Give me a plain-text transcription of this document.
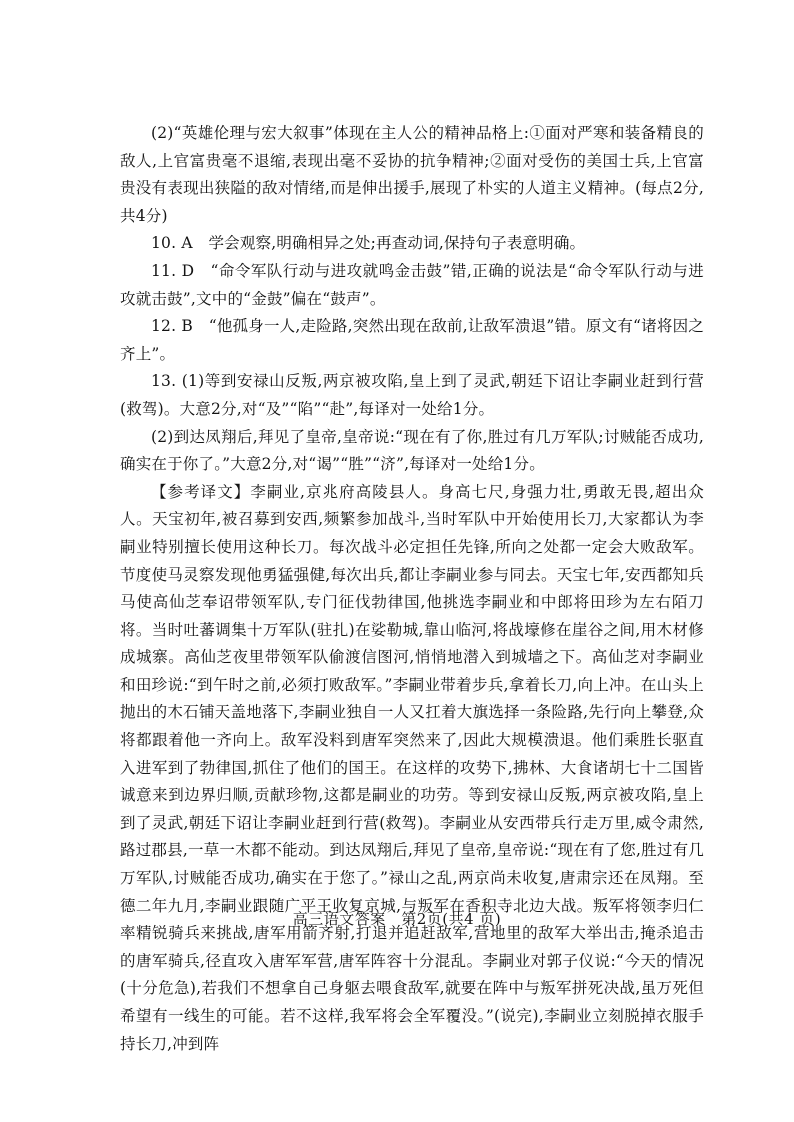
(2)“英雄伦理与宏大叙事”体现在主人公的精神品格上:①面对严寒和装备精良的敌人,上官富贵毫不退缩,表现出毫不妥协的抗争精神;②面对受伤的美国士兵,上官富贵没有表现出狭隘的敌对情绪,而是伸出援手,展现了朴实的人道主义精神。(每点2分,共4分)

10. A　学会观察,明确相异之处;再查动词,保持句子表意明确。

11. D　“命令军队行动与进攻就鸣金击鼓”错,正确的说法是“命令军队行动与进攻就击鼓”,文中的“金鼓”偏在“鼓声”。

12. B　“他孤身一人,走险路,突然出现在敌前,让敌军溃退”错。原文有“诸将因之齐上”。

13. (1)等到安禄山反叛,两京被攻陷,皇上到了灵武,朝廷下诏让李嗣业赶到行营(救驾)。大意2分,对“及”“陷”“赴”,每译对一处给1分。

(2)到达凤翔后,拜见了皇帝,皇帝说:“现在有了你,胜过有几万军队;讨贼能否成功,确实在于你了。”大意2分,对“谒”“胜”“济”,每译对一处给1分。

【参考译文】李嗣业,京兆府高陵县人。身高七尺,身强力壮,勇敢无畏,超出众人。天宝初年,被召募到安西,频繁参加战斗,当时军队中开始使用长刀,大家都认为李嗣业特别擅长使用这种长刀。每次战斗必定担任先锋,所向之处都一定会大败敌军。节度使马灵察发现他勇猛强健,每次出兵,都让李嗣业参与同去。天宝七年,安西都知兵马使高仙芝奉诏带领军队,专门征伐勃律国,他挑选李嗣业和中郎将田珍为左右陌刀将。当时吐蕃调集十万军队(驻扎)在娑勒城,靠山临河,将战壕修在崖谷之间,用木材修成城寨。高仙芝夜里带领军队偷渡信图河,悄悄地潜入到城墙之下。高仙芝对李嗣业和田珍说:“到午时之前,必须打败敌军。”李嗣业带着步兵,拿着长刀,向上冲。在山头上抛出的木石铺天盖地落下,李嗣业独自一人又扛着大旗选择一条险路,先行向上攀登,众将都跟着他一齐向上。敌军没料到唐军突然来了,因此大规模溃退。他们乘胜长驱直入进军到了勃律国,抓住了他们的国王。在这样的攻势下,拂林、大食诸胡七十二国皆诚意来到边界归顺,贡献珍物,这都是嗣业的功劳。等到安禄山反叛,两京被攻陷,皇上到了灵武,朝廷下诏让李嗣业赶到行营(救驾)。李嗣业从安西带兵行走万里,威令肃然,路过郡县,一草一木都不能动。到达凤翔后,拜见了皇帝,皇帝说:“现在有了您,胜过有几万军队,讨贼能否成功,确实在于您了。”禄山之乱,两京尚未收复,唐肃宗还在凤翔。至德二年九月,李嗣业跟随广平王收复京城,与叛军在香积寺北边大战。叛军将领李归仁率精锐骑兵来挑战,唐军用箭齐射,打退并追赶敌军,营地里的敌军大举出击,掩杀追击的唐军骑兵,径直攻入唐军军营,唐军阵容十分混乱。李嗣业对郭子仪说:“今天的情况(十分危急),若我们不想拿自己身躯去喂食敌军,就要在阵中与叛军拼死决战,虽万死但希望有一线生的可能。若不这样,我军将会全军覆没。”(说完),李嗣业立刻脱掉衣服手持长刀,冲到阵

高三语文答案　第2页(共4 页)
